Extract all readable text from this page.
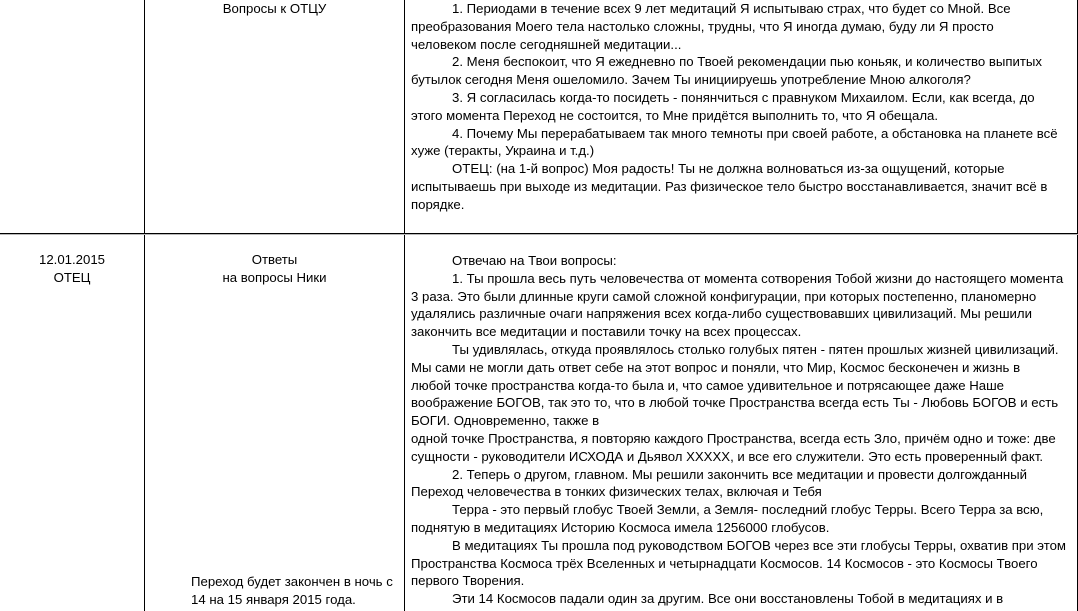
Вопросы к ОТЦУ	1. Периодами в течение всех 9 лет медитаций Я испытываю страх, что будет со Мной. Все
преобразования Моего тела настолько сложны, трудны, что Я иногда думаю, буду ли Я просто
человеком после сегодняшней медитации...
2. Меня беспокоит, что Я ежедневно по Твоей рекомендации пью коньяк, и количество выпитых
бутылок сегодня Меня ошеломило. Зачем Ты инициируешь употребление Мною алкоголя?
3. Я согласилась когда-то посидеть - понянчиться с правнуком Михаилом. Если, как всегда, до
этого момента Переход не состоится, то Мне придётся выполнить то, что Я обещала.
4. Почему Мы перерабатываем так много темноты при своей работе, а обстановка на планете всё
хуже (теракты, Украина и т.д.)
ОТЕЦ: (на 1-й вопрос) Моя радость! Ты не должна волноваться из-за ощущений, которые
испытываешь при выходе из медитации. Раз физическое тело быстро восстанавливается, значит всё в
порядке.
12.01.2015
ОТЕЦ
Ответы
на вопросы Ники
Переход будет закончен в ночь с
14 на 15 января 2015 года.
Отвечаю на Твои вопросы:
1. Ты прошла весь путь человечества от момента сотворения Тобой жизни до настоящего момента
3 раза. Это были длинные круги самой сложной конфигурации, при которых постепенно, планомерно
удалялись различные очаги напряжения всех когда-либо существовавших цивилизаций. Мы решили
закончить все медитации и поставили точку на всех процессах.
Ты удивлялась, откуда проявлялось столько голубых пятен - пятен прошлых жизней цивилизаций.
Мы сами не могли дать ответ себе на этот вопрос и поняли, что Мир, Космос бесконечен и жизнь в
любой точке пространства когда-то была и, что самое удивительное и потрясающее даже Наше
воображение БОГОВ, так это то, что в любой точке Пространства всегда есть Ты - Любовь БОГОВ и есть
БОГИ. Одновременно, также в
одной точке Пространства, я повторяю каждого Пространства, всегда есть Зло, причём одно и тоже: две
сущности - руководители ИСХОДА и Дьявол ХХХХХ, и все его служители. Это есть проверенный факт.
2. Теперь о другом, главном. Мы решили закончить все медитации и провести долгожданный
Переход человечества в тонких физических телах, включая и Тебя
Терра - это первый глобус Твоей Земли, а Земля- последний глобус Терры. Всего Терра за всю,
поднятую в медитациях Историю Космоса имела 1256000 глобусов.
В медитациях Ты прошла под руководством БОГОВ через все эти глобусы Терры, охватив при этом
Пространства Космоса трёх Вселенных и четырнадцати Космосов. 14 Космосов - это Космосы Твоего
первого Творения.
Эти 14 Космосов падали один за другим. Все они восстановлены Тобой в медитациях и в
